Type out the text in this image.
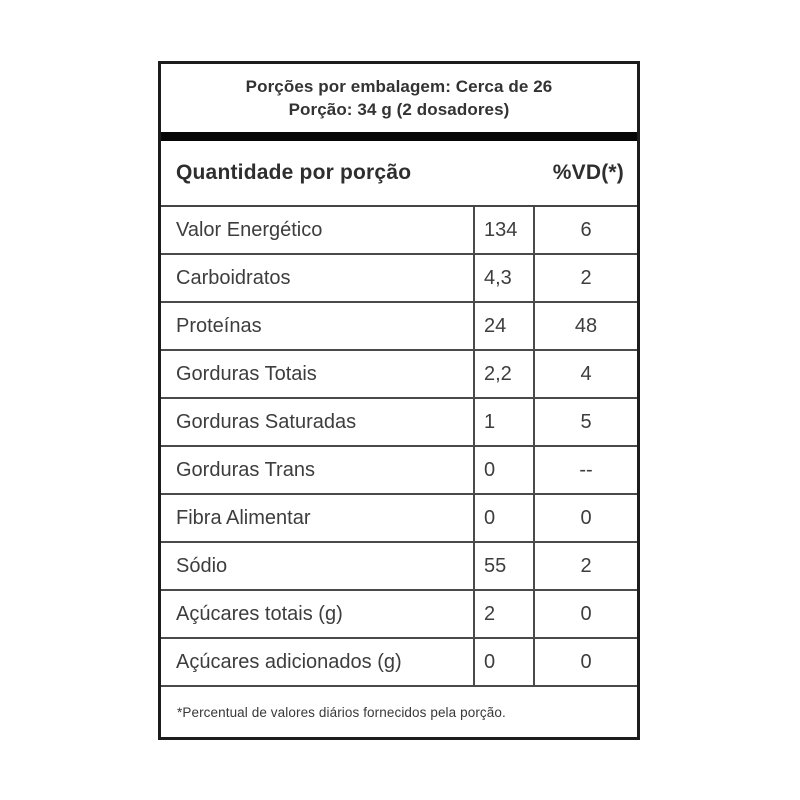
Porções por embalagem: Cerca de 26
Porção: 34 g (2 dosadores)
Quantidade por porção	%VD(*)
Valor Energético	134	6
Carboidratos	4,3	2
Proteínas	24	48
Gorduras Totais	2,2	4
Gorduras Saturadas	1	5
Gorduras Trans	0	--
Fibra Alimentar	0	0
Sódio	55	2
Açúcares totais (g)	2	0
Açúcares adicionados (g)	0	0
*Percentual de valores diários fornecidos pela porção.
